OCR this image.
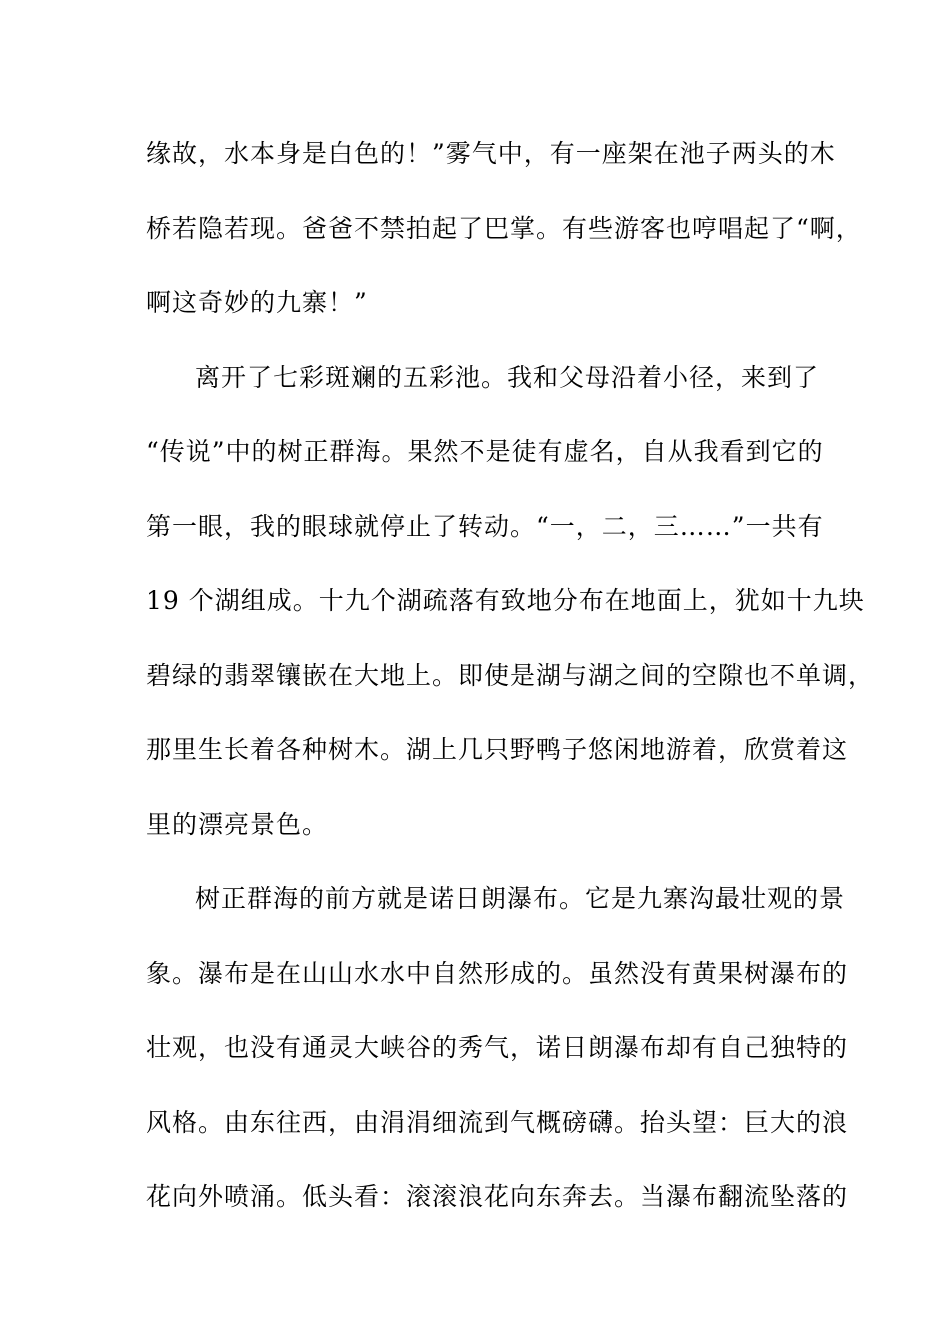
缘故，水本身是白色的！”雾气中，有一座架在池子两头的木
桥若隐若现。爸爸不禁拍起了巴掌。有些游客也哼唱起了“啊，
啊这奇妙的九寨！”
离开了七彩斑斓的五彩池。我和父母沿着小径，来到了
“传说”中的树正群海。果然不是徒有虚名，自从我看到它的
第一眼，我的眼球就停止了转动。“一，二，三……”一共有
19 个湖组成。十九个湖疏落有致地分布在地面上，犹如十九块
碧绿的翡翠镶嵌在大地上。即使是湖与湖之间的空隙也不单调，
那里生长着各种树木。湖上几只野鸭子悠闲地游着，欣赏着这
里的漂亮景色。
树正群海的前方就是诺日朗瀑布。它是九寨沟最壮观的景
象。瀑布是在山山水水中自然形成的。虽然没有黄果树瀑布的
壮观，也没有通灵大峡谷的秀气，诺日朗瀑布却有自己独特的
风格。由东往西，由涓涓细流到气概磅礴。抬头望：巨大的浪
花向外喷涌。低头看：滚滚浪花向东奔去。当瀑布翻流坠落的
